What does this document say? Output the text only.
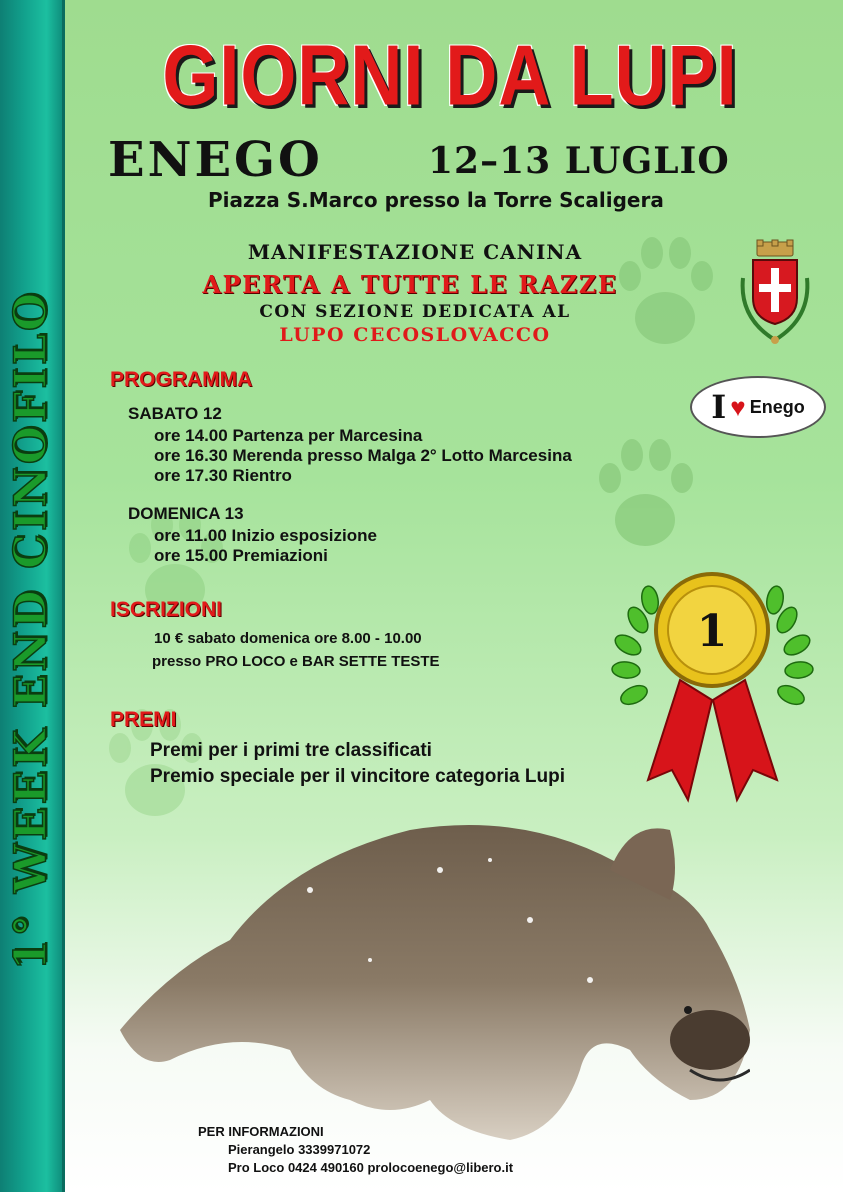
1° WEEK END CINOFILO
GIORNI DA LUPI
ENEGO	12–13 LUGLIO
Piazza S.Marco presso la Torre Scaligera
MANIFESTAZIONE CANINA
APERTA A TUTTE LE RAZZE
CON SEZIONE DEDICATA AL
LUPO CECOSLOVACCO
I ♥ Enego
PROGRAMMA
SABATO 12
ore 14.00 Partenza per Marcesina
ore 16.30 Merenda presso Malga 2° Lotto Marcesina
ore 17.30 Rientro
DOMENICA 13
ore 11.00 Inizio esposizione
ore 15.00 Premiazioni
ISCRIZIONI
10 € sabato domenica ore 8.00 - 10.00
presso PRO LOCO e BAR SETTE TESTE
PREMI
Premi per i primi tre classificati
Premio speciale per il vincitore categoria Lupi
1
PER INFORMAZIONI
Pierangelo 3339971072
Pro Loco 0424 490160 prolocoenego@libero.it
